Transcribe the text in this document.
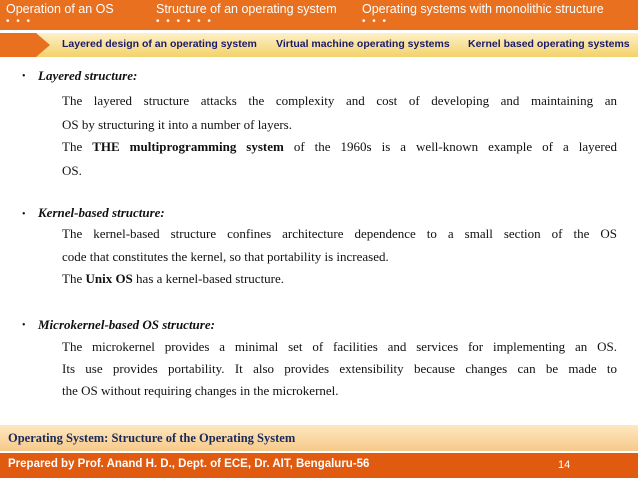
Operation of an OS
• • •
Structure of an operating system
• • • • • •
Operating systems with monolithic structure
• • •
Layered design of an operating system Virtual machine operating systems Kernel based operating systems
• Layered structure:
The layered structure attacks the complexity and cost of developing and maintaining an
OS by structuring it into a number of layers.
The THE multiprogramming system of the 1960s is a well-known example of a layered
OS.
• Kernel-based structure:
The kernel-based structure confines architecture dependence to a small section of the OS
code that constitutes the kernel, so that portability is increased.
The Unix OS has a kernel-based structure.
• Microkernel-based OS structure:
The microkernel provides a minimal set of facilities and services for implementing an OS.
Its use provides portability. It also provides extensibility because changes can be made to
the OS without requiring changes in the microkernel.
Operating System: Structure of the Operating System
Prepared by Prof. Anand H. D., Dept. of ECE, Dr. AIT, Bengaluru-56	14
